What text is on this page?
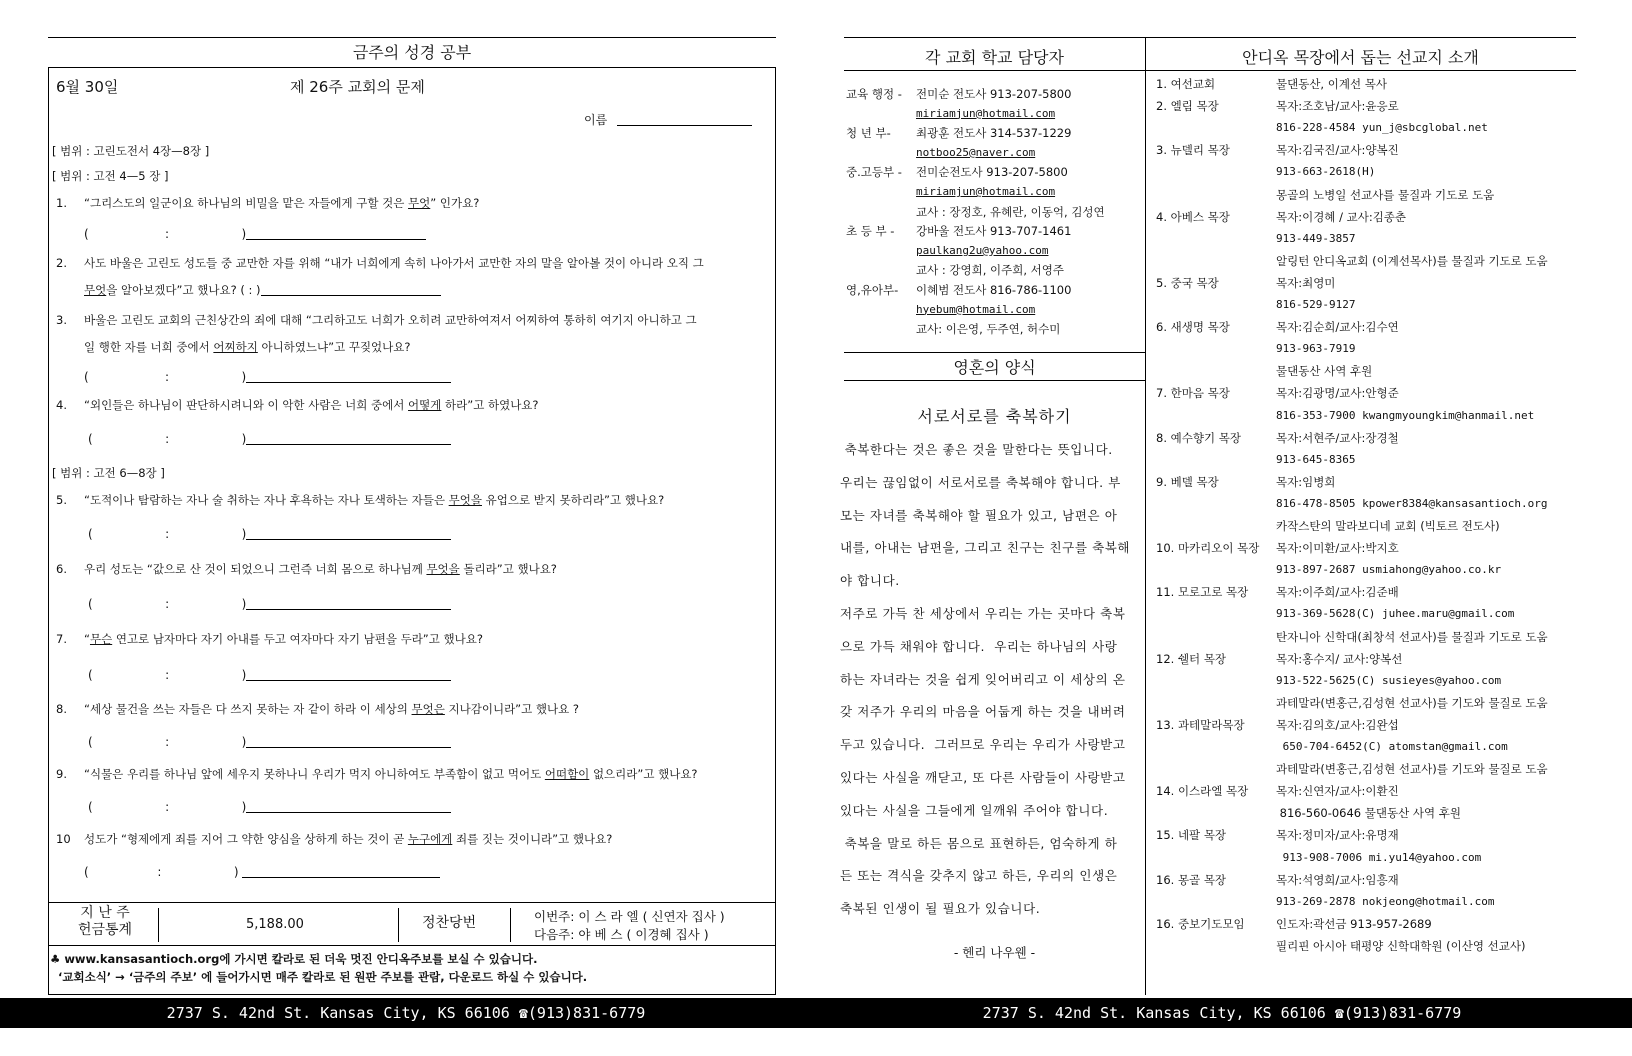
금주의 성경 공부
6월 30일	제 26주 교회의 문제
이름
[ 범위 : 고린도전서 4장—8장 ]
[ 범위 : 고전 4—5 장 ]
1. “그리스도의 일군이요 하나님의 비밀을 맡은 자들에게 구할 것은 무엇” 인가요?
(                    :                   )
2. 사도 바울은 고린도 성도들 중 교만한 자를 위해 “내가 너희에게 속히 나아가서 교만한 자의 말을 알아볼 것이 아니라 오직 그
무엇을 알아보겠다”고 했나요? ( : )
3. 바울은 고린도 교회의 근친상간의 죄에 대해 “그리하고도 너희가 오히려 교만하여져서 어찌하여 통하히 여기지 아니하고 그
일 행한 자를 너희 중에서 어찌하지 아니하였느냐”고 꾸짖었나요?
(                    :                   )
4. “외인들은 하나님이 판단하시려니와 이 악한 사람은 너희 중에서 어떻게 하라”고 하였나요?
(                   :                   )
[ 범위 : 고전 6—8장 ]
5. “도적이나 탐람하는 자나 술 취하는 자나 후욕하는 자나 토색하는 자들은 무엇을 유업으로 받지 못하리라”고 했나요?
(                   :                   )
6. 우리 성도는 “값으로 산 것이 되었으니 그런즉 너희 몸으로 하나님께 무엇을 돌리라”고 했나요?
(                   :                   )
7. “무슨 연고로 남자마다 자기 아내를 두고 여자마다 자기 남편을 두라”고 했나요?
(                   :                   )
8. “세상 물건을 쓰는 자들은 다 쓰지 못하는 자 같이 하라 이 세상의 무엇은 지나감이니라”고 했나요 ?
(                   :                   )
9. “식물은 우리를 하나님 앞에 세우지 못하나니 우리가 먹지 아니하여도 부족함이 없고 먹어도 어떠함이 없으리라”고 했나요?
(                   :                   )
10 성도가 “형제에게 죄를 지어 그 약한 양심을 상하게 하는 것이 곧 누구에게 죄를 짓는 것이니라”고 했나요?
(                  :                   )
지 난 주
헌금통계	5,188.00	정찬당번	이번주: 이 스 라 엘 ( 신연자 집사 )
다음주: 야 베 스 ( 이경혜 집사 )
♣ www.kansasantioch.org에 가시면 칼라로 된 더욱 멋진 안디옥주보를 보실 수 있습니다.
‘교회소식’ → ‘금주의 주보’ 에 들어가시면 매주 칼라로 된 원판 주보를 관람, 다운로드 하실 수 있습니다.
2737 S. 42nd St. Kansas City, KS 66106 ☎(913)831-6779	2737 S. 42nd St. Kansas City, KS 66106 ☎(913)831-6779
각 교회 학교 담당자	안디옥 목장에서 돕는 선교지 소개
교육 행정 - 전미순 전도사 913-207-5800
miriamjun@hotmail.com
청 년 부- 최광훈 전도사 314-537-1229
notboo25@naver.com
중.고등부 - 전미순전도사 913-207-5800
miriamjun@hotmail.com
교사 : 장정호, 유혜란, 이동억, 김성연
초 등 부 - 강바울 전도사 913-707-1461
paulkang2u@yahoo.com
교사 : 강영희, 이주희, 서영주
영,유아부- 이혜범 전도사 816-786-1100
hyebum@hotmail.com
교사: 이은영, 두주연, 허수미
영혼의 양식
서로서로를 축복하기
축복한다는 것은 좋은 것을 말한다는 뜻입니다.
우리는 끊임없이 서로서로를 축복해야 합니다. 부
모는 자녀를 축복해야 할 필요가 있고, 남편은 아
내를, 아내는 남편을, 그리고 친구는 친구를 축복해
야 합니다.
저주로 가득 찬 세상에서 우리는 가는 곳마다 축복
으로 가득 채워야 합니다.  우리는 하나님의 사랑
하는 자녀라는 것을 쉽게 잊어버리고 이 세상의 온
갖 저주가 우리의 마음을 어둡게 하는 것을 내버려
두고 있습니다.  그러므로 우리는 우리가 사랑받고
있다는 사실을 깨닫고, 또 다른 사람들이 사랑받고
있다는 사실을 그들에게 일깨워 주어야 합니다.
축복을 말로 하든 몸으로 표현하든, 엄숙하게 하
든 또는 격식을 갖추지 않고 하든, 우리의 인생은
축복된 인생이 될 필요가 있습니다.
- 헨리 나우웬 -
1. 여선교회	물댄동산, 이계선 목사
2. 엘림 목장	목자:조호남/교사:윤응로
816-228-4584 yun_j@sbcglobal.net
3. 뉴델리 목장	목자:김국진/교사:양복진
913-663-2618(H)
몽골의 노병일 선교사를 물질과 기도로 도움
4. 아베스 목장	목자:이경혜 / 교사:김종춘
913-449-3857
알링턴 안디옥교회 (이계선목사)를 물질과 기도로 도움
5. 중국 목장	목자:최영미
816-529-9127
6. 새생명 목장	목자:김순희/교사:김수연
913-963-7919
물댄동산 사역 후원
7. 한마음 목장	목자:김광명/교사:안형준
816-353-7900 kwangmyoungkim@hanmail.net
8. 예수향기 목장	목자:서현주/교사:장경철
913-645-8365
9. 베델 목장	목자:임병희
816-478-8505 kpower8384@kansasantioch.org
카작스탄의 말라보디네 교회 (빅토르 전도사)
10. 마카리오이 목장 목자:이미환/교사:박지호
913-897-2687 usmiahong@yahoo.co.kr
11. 모로고로 목장 목자:이주희/교사:김준배
913-369-5628(C) juhee.maru@gmail.com
탄자니아 신학대(최창석 선교사)를 물질과 기도로 도움
12. 쉘터 목장	목자:홍수지/ 교사:양복선
913-522-5625(C) susieyes@yahoo.com
과테말라(변홍근,김성현 선교사)를 기도와 물질로 도움
13. 과테말라목장	목자:김의호/교사:김완섭
650-704-6452(C) atomstan@gmail.com
과테말라(변홍근,김성현 선교사)를 기도와 물질로 도움
14. 이스라엘 목장 목자:신연자/교사:이환진
816-560-0646 물댄동산 사역 후원
15. 네팔 목장	목자:정미자/교사:유명재
913-908-7006 mi.yu14@yahoo.com
16. 몽골 목장	목자:석영희/교사:임흥재
913-269-2878 nokjeong@hotmail.com
16. 중보기도모임	인도자:곽선금 913-957-2689
필리핀 아시아 태평양 신학대학원 (이산영 선교사)
